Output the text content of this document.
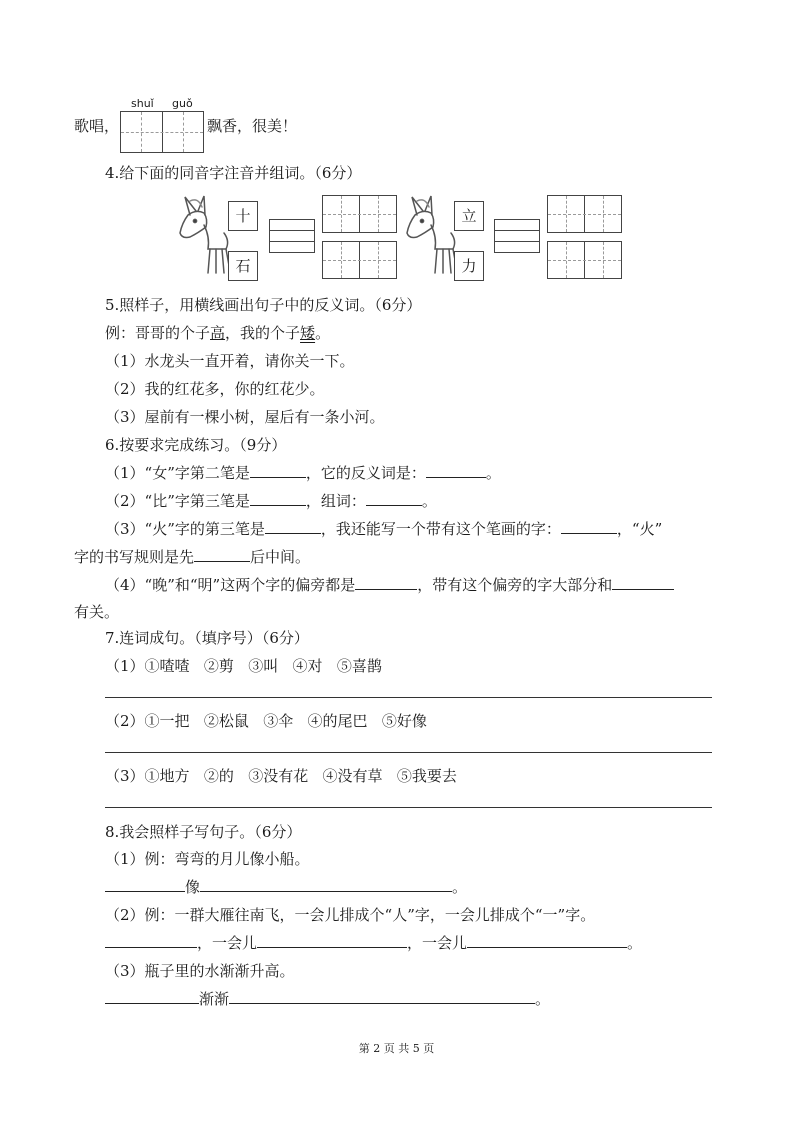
歌唱，
shuǐ guǒ
飘香，很美！
4.给下面的同音字注音并组词。（6分）
十
石
立
力
5.照样子，用横线画出句子中的反义词。（6分）
例：哥哥的个子高，我的个子矮。
（1）水龙头一直开着，请你关一下。
（2）我的红花多，你的红花少。
（3）屋前有一棵小树，屋后有一条小河。
6.按要求完成练习。（9分）
（1）“女”字第二笔是	，它的反义词是：	。
（2）“比”字第三笔是	，组词：	。
（3）“火”字的第三笔是	，我还能写一个带有这个笔画的字：	，“火”
字的书写规则是先	后中间。
（4）“晚”和“明”这两个字的偏旁都是	，带有这个偏旁的字大部分和
有关。
7.连词成句。（填序号）（6分）
（1）①喳喳 ②剪 ③叫 ④对 ⑤喜鹊
（2）①一把 ②松鼠 ③伞 ④的尾巴 ⑤好像
（3）①地方 ②的 ③没有花 ④没有草 ⑤我要去
8.我会照样子写句子。（6分）
（1）例：弯弯的月儿像小船。
像	。
（2）例：一群大雁往南飞，一会儿排成个“人”字，一会儿排成个“一”字。
，一会儿	，一会儿	。
（3）瓶子里的水渐渐升高。
渐渐	。
第 2 页 共 5 页
